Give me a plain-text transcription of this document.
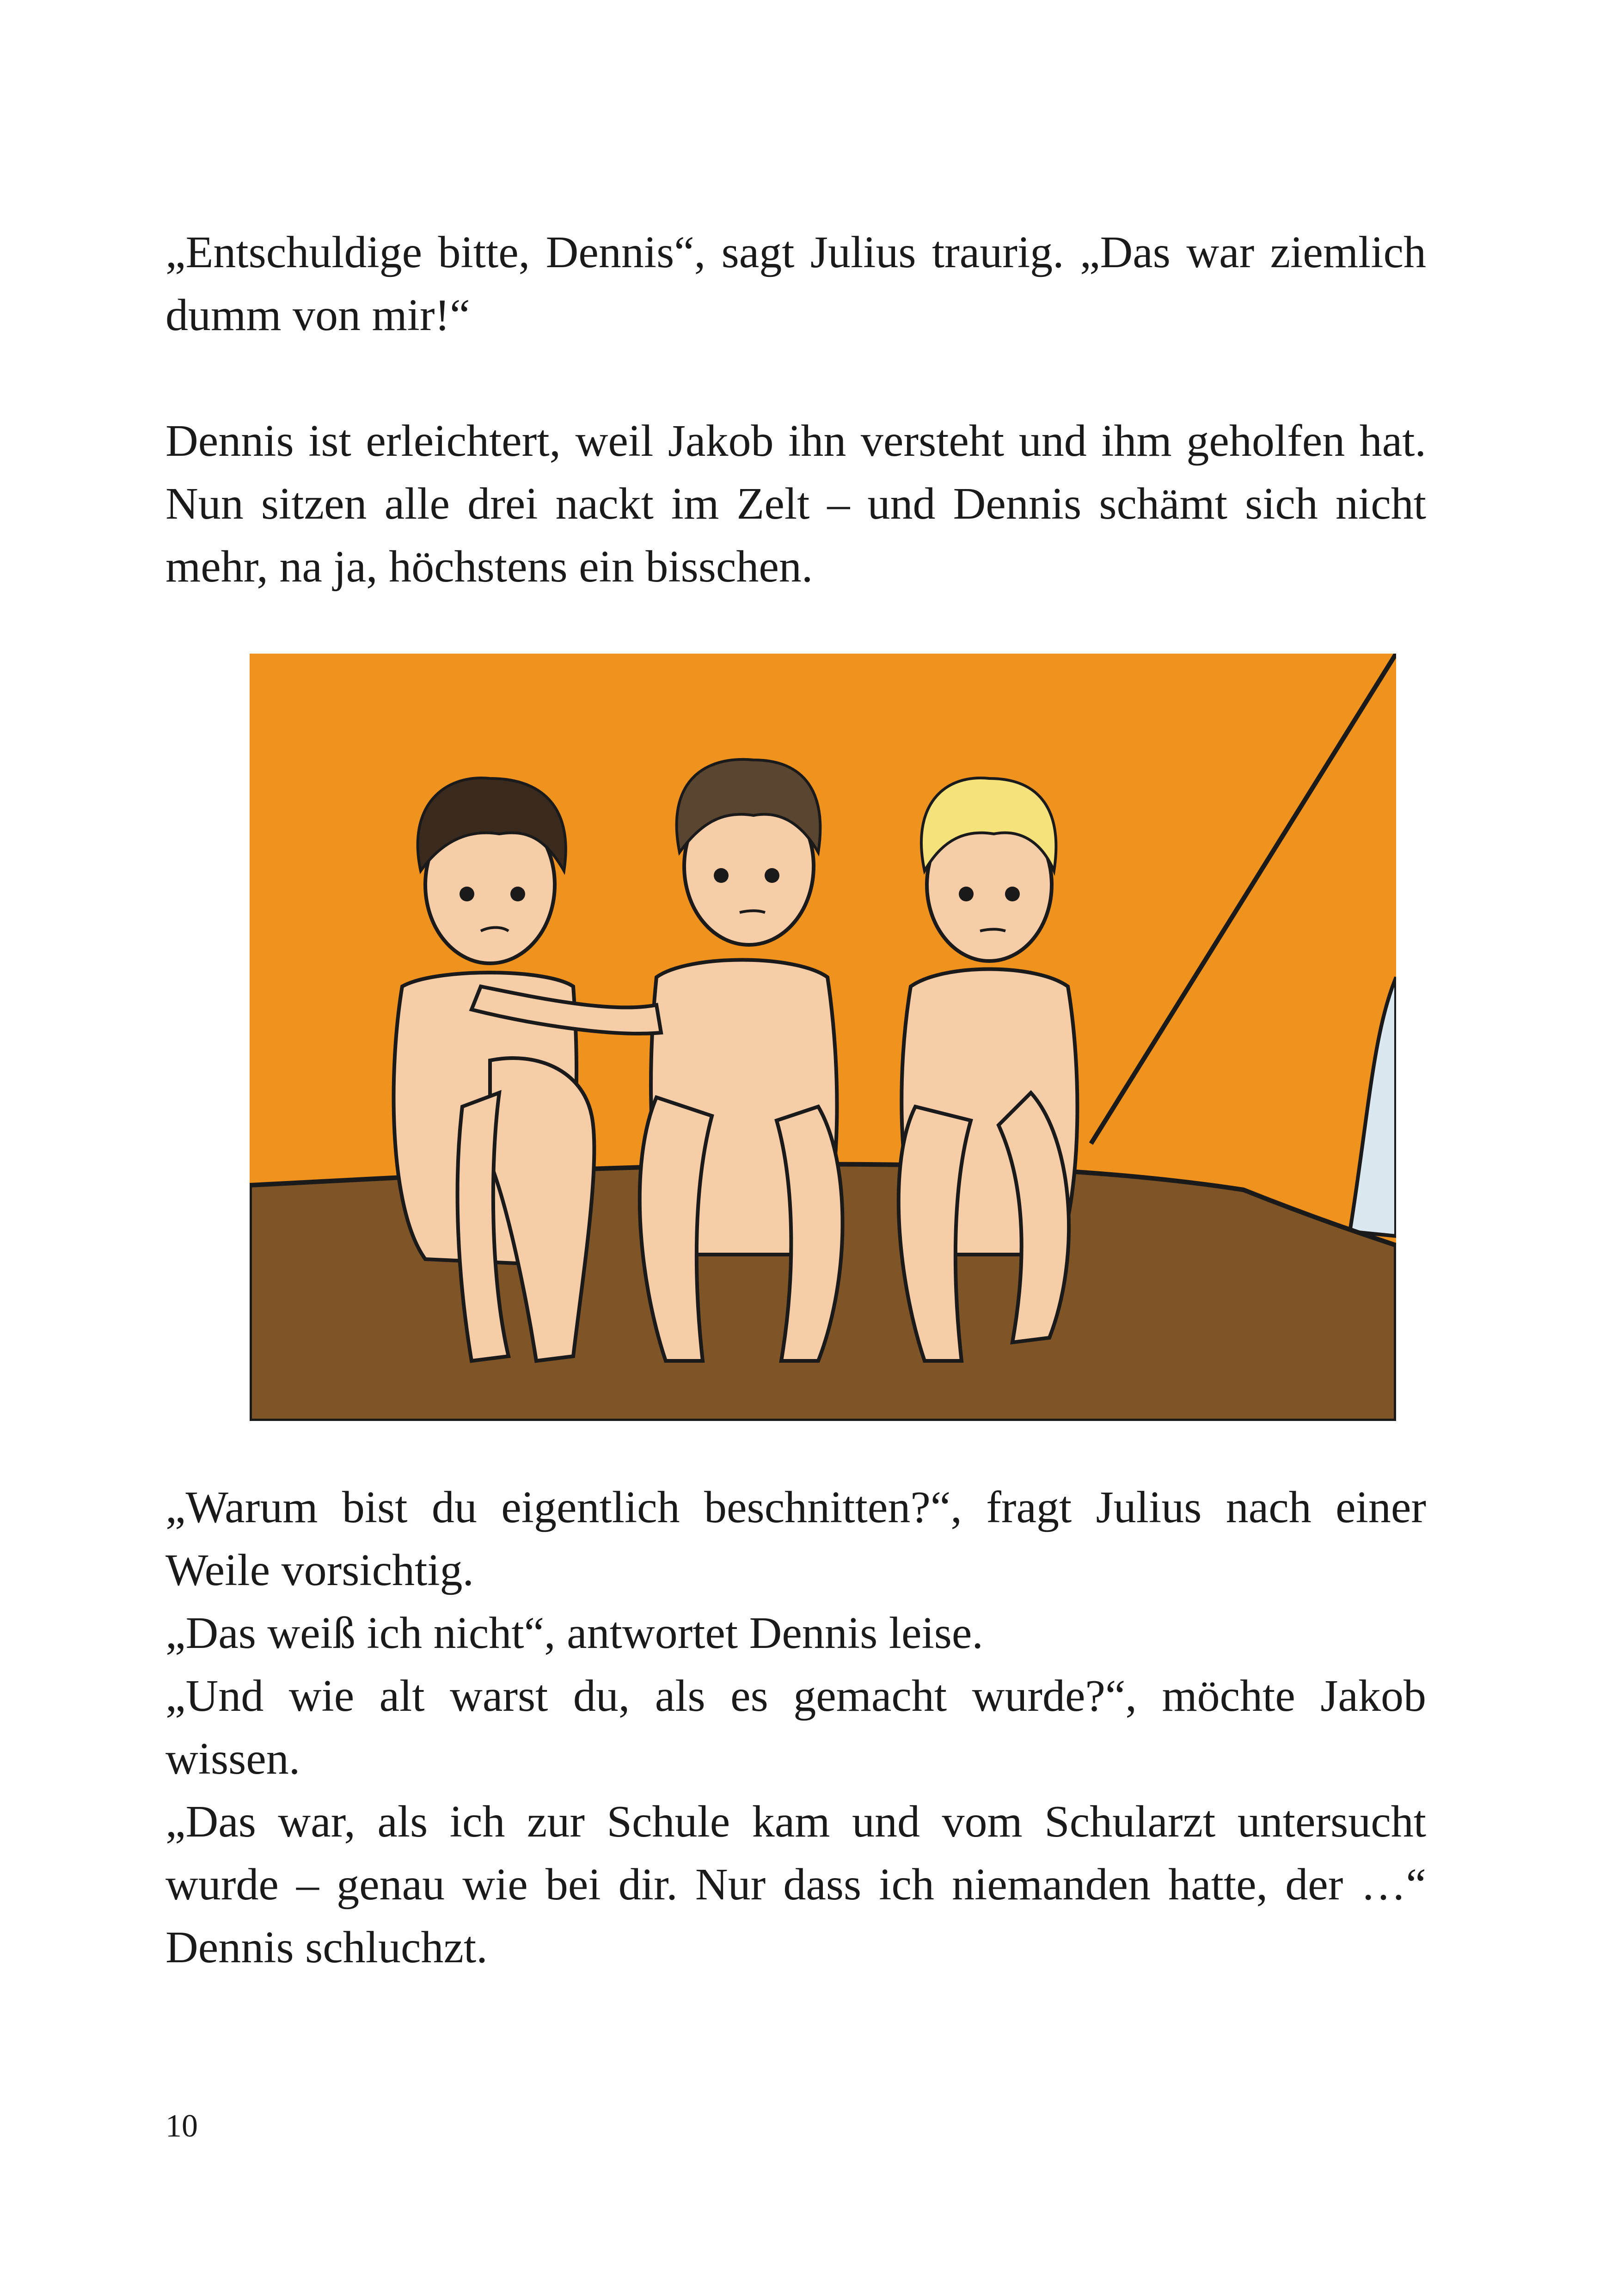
„Entschuldige bitte, Dennis“, sagt Julius traurig. „Das war ziemlich dumm von mir!“

Dennis ist erleichtert, weil Jakob ihn versteht und ihm geholfen hat. Nun sitzen alle drei nackt im Zelt – und Dennis schämt sich nicht mehr, na ja, höchstens ein bisschen.

„Warum bist du eigentlich beschnitten?“, fragt Julius nach einer Weile vorsichtig.

„Das weiß ich nicht“, antwortet Dennis leise.

„Und wie alt warst du, als es gemacht wurde?“, möchte Jakob wissen.

„Das war, als ich zur Schule kam und vom Schularzt untersucht wurde – genau wie bei dir. Nur dass ich niemanden hatte, der …“ Dennis schluchzt.

10
